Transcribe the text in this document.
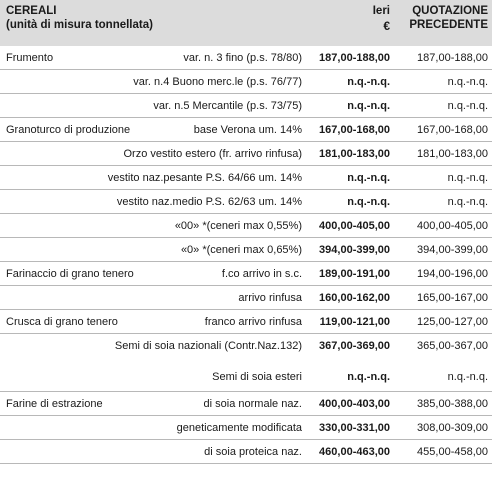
CEREALI
(unità di misura tonnellata)
Ieri
€
QUOTAZIONE
PRECEDENTE
Frumento	var. n. 3 fino (p.s. 78/80) 187,00-188,00 187,00-188,00
var. n.4 Buono merc.le (p.s. 76/77)	n.q.-n.q.	n.q.-n.q.
var. n.5 Mercantile (p.s. 73/75)	n.q.-n.q.	n.q.-n.q.
Granoturco di produzione	base Verona um. 14% 167,00-168,00 167,00-168,00
Orzo vestito estero (fr. arrivo rinfusa) 181,00-183,00 181,00-183,00
vestito naz.pesante P.S. 64/66 um. 14%	n.q.-n.q.	n.q.-n.q.
vestito naz.medio P.S. 62/63 um. 14%	n.q.-n.q.	n.q.-n.q.
«00» *(ceneri max 0,55%) 400,00-405,00 400,00-405,00
«0» *(ceneri max 0,65%) 394,00-399,00 394,00-399,00
Farinaccio di grano tenero	f.co arrivo in s.c. 189,00-191,00 194,00-196,00
arrivo rinfusa 160,00-162,00 165,00-167,00
Crusca di grano tenero	franco arrivo rinfusa 119,00-121,00 125,00-127,00
Semi di soia nazionali (Contr.Naz.132) 367,00-369,00 365,00-367,00
Semi di soia esteri	n.q.-n.q.	n.q.-n.q.
Farine di estrazione	di soia normale naz. 400,00-403,00 385,00-388,00
geneticamente modificata 330,00-331,00 308,00-309,00
di soia proteica naz. 460,00-463,00 455,00-458,00
